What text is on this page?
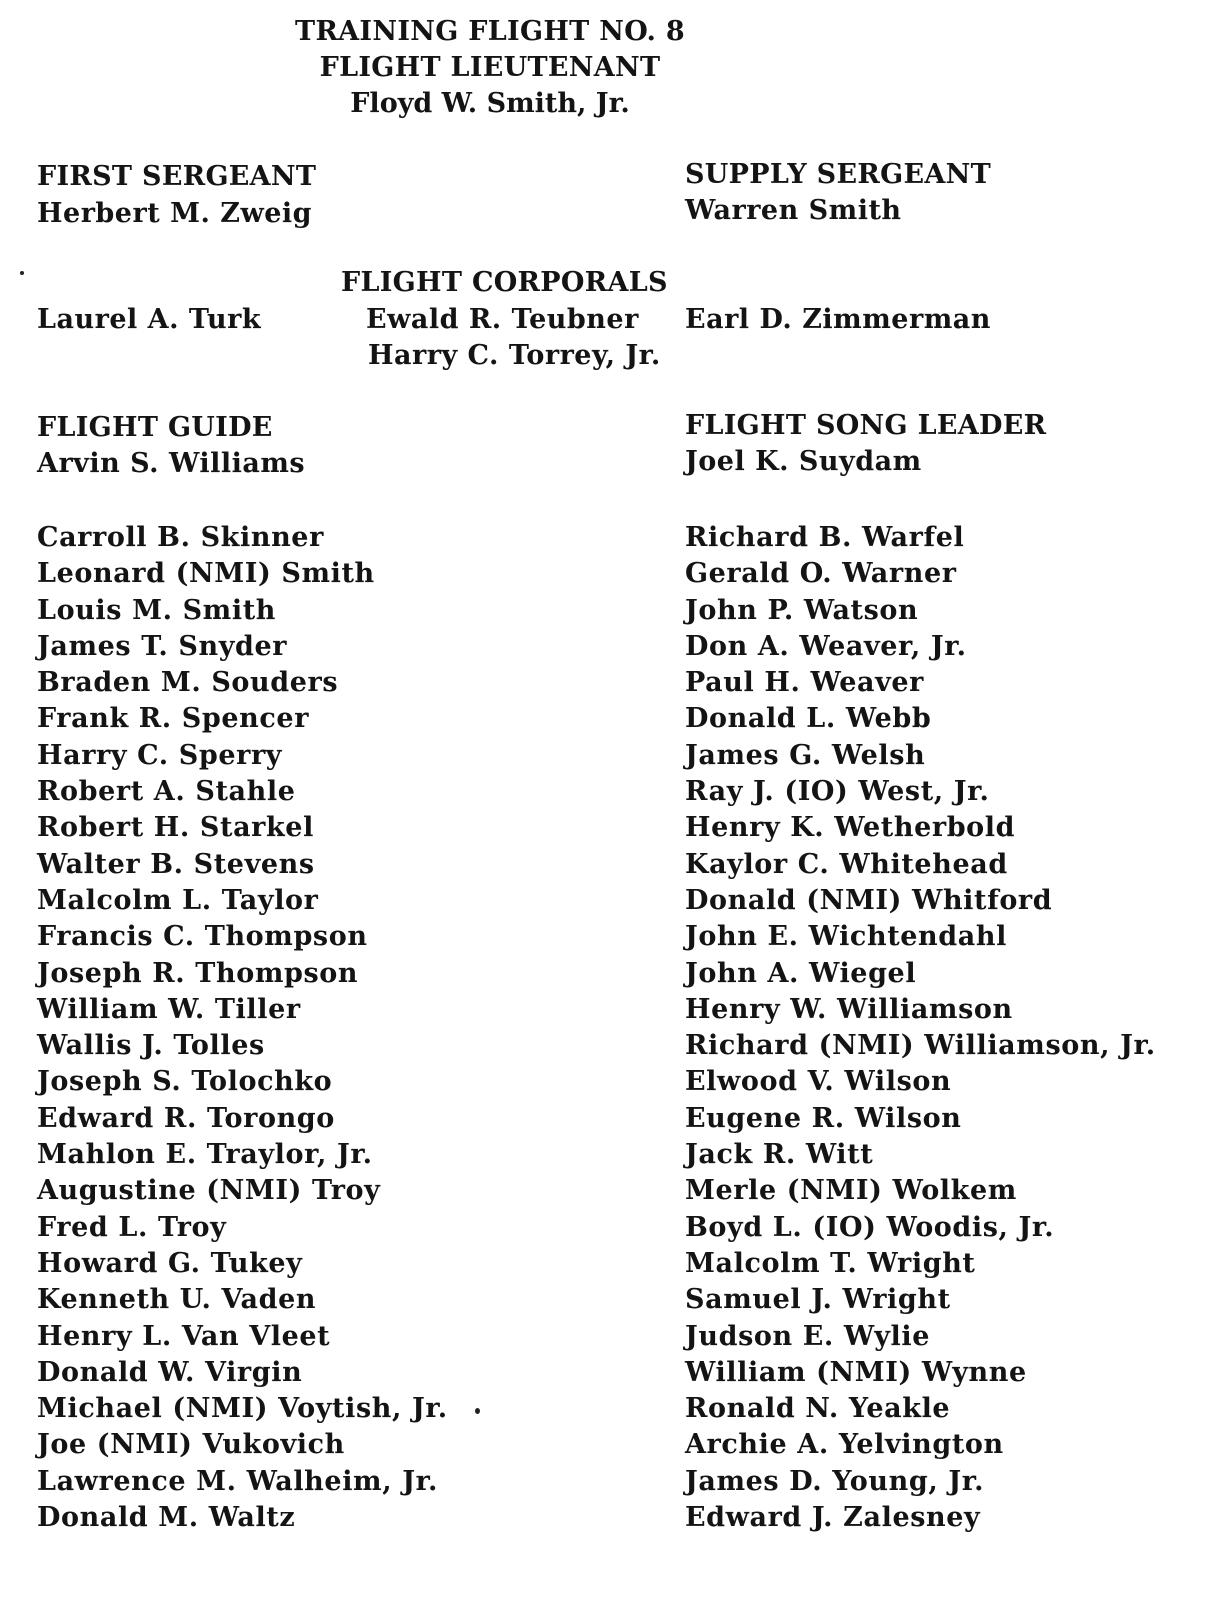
TRAINING FLIGHT NO. 8
FLIGHT LIEUTENANT
Floyd W. Smith, Jr.
FIRST SERGEANT
Herbert M. Zweig
SUPPLY SERGEANT
Warren Smith
FLIGHT CORPORALS
Laurel A. Turk	Ewald R. Teubner Earl D. Zimmerman
Harry C. Torrey, Jr.
FLIGHT GUIDE
Arvin S. Williams
FLIGHT SONG LEADER
Joel K. Suydam
Carroll B. Skinner
Leonard (NMI) Smith
Louis M. Smith
James T. Snyder
Braden M. Souders
Frank R. Spencer
Harry C. Sperry
Robert A. Stahle
Robert H. Starkel
Walter B. Stevens
Malcolm L. Taylor
Francis C. Thompson
Joseph R. Thompson
William W. Tiller
Wallis J. Tolles
Joseph S. Tolochko
Edward R. Torongo
Mahlon E. Traylor, Jr.
Augustine (NMI) Troy
Fred L. Troy
Howard G. Tukey
Kenneth U. Vaden
Henry L. Van Vleet
Donald W. Virgin
Michael (NMI) Voytish, Jr.
Joe (NMI) Vukovich
Lawrence M. Walheim, Jr.
Donald M. Waltz
Richard B. Warfel
Gerald O. Warner
John P. Watson
Don A. Weaver, Jr.
Paul H. Weaver
Donald L. Webb
James G. Welsh
Ray J. (IO) West, Jr.
Henry K. Wetherbold
Kaylor C. Whitehead
Donald (NMI) Whitford
John E. Wichtendahl
John A. Wiegel
Henry W. Williamson
Richard (NMI) Williamson, Jr.
Elwood V. Wilson
Eugene R. Wilson
Jack R. Witt
Merle (NMI) Wolkem
Boyd L. (IO) Woodis, Jr.
Malcolm T. Wright
Samuel J. Wright
Judson E. Wylie
William (NMI) Wynne
Ronald N. Yeakle
Archie A. Yelvington
James D. Young, Jr.
Edward J. Zalesney
